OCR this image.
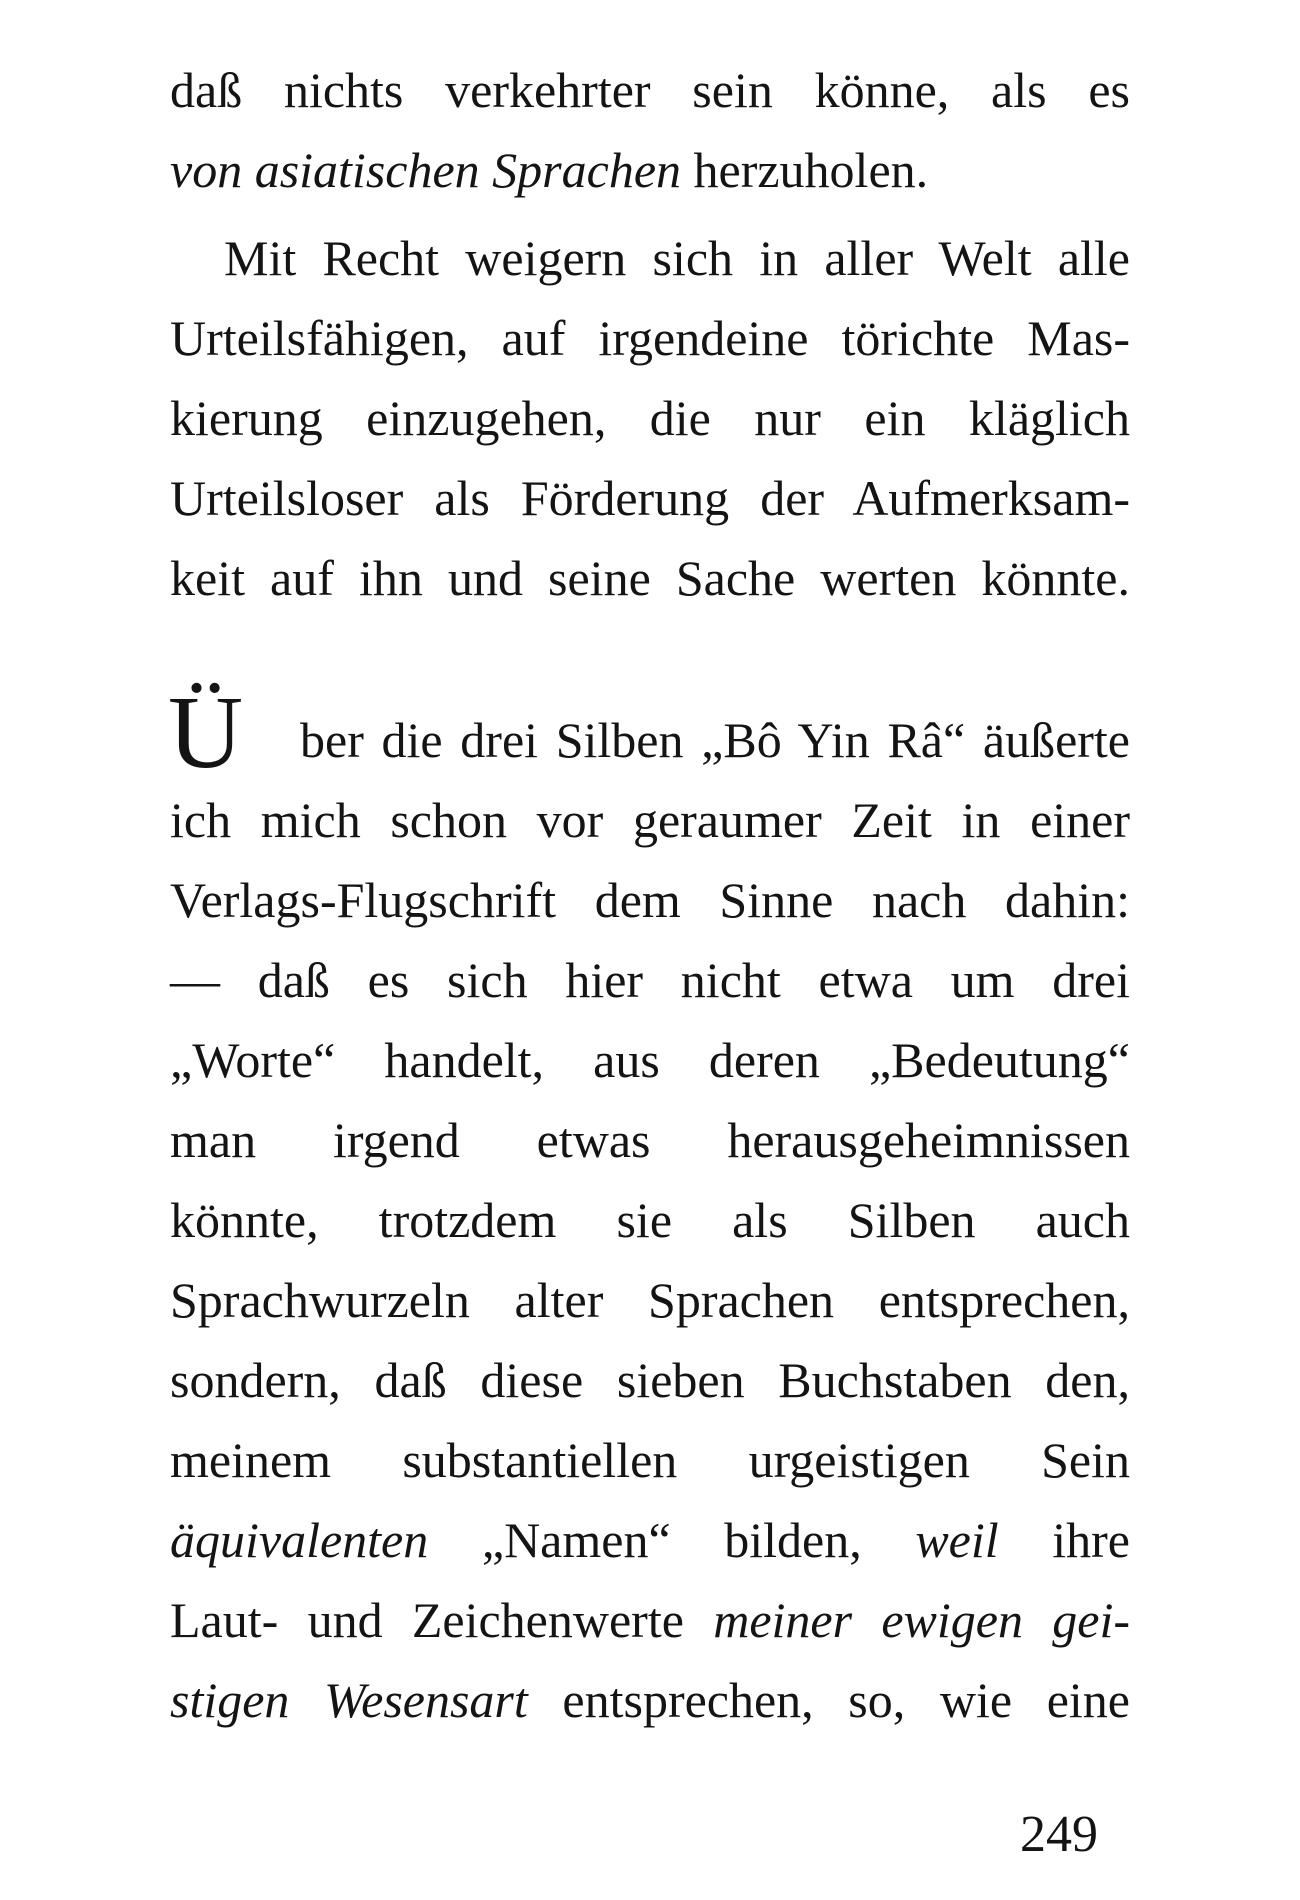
daß nichts verkehrter sein könne, als es
von asiatischen Sprachen herzuholen.
Mit Recht weigern sich in aller Welt alle
Urteilsfähigen, auf irgendeine törichte Mas-
kierung einzugehen, die nur ein kläglich
Urteilsloser als Förderung der Aufmerksam-
keit auf ihn und seine Sache werten könnte.
Ü ber die drei Silben „Bô Yin Râ“ äußerte
ich mich schon vor geraumer Zeit in einer
Verlags-Flugschrift dem Sinne nach dahin:
— daß es sich hier nicht etwa um drei
„Worte“ handelt, aus deren „Bedeutung“
man irgend etwas herausgeheimnissen
könnte, trotzdem sie als Silben auch
Sprachwurzeln alter Sprachen entsprechen,
sondern, daß diese sieben Buchstaben den,
meinem substantiellen urgeistigen Sein
äquivalenten „Namen“ bilden, weil ihre
Laut- und Zeichenwerte meiner ewigen gei-
stigen Wesensart entsprechen, so, wie eine
249
